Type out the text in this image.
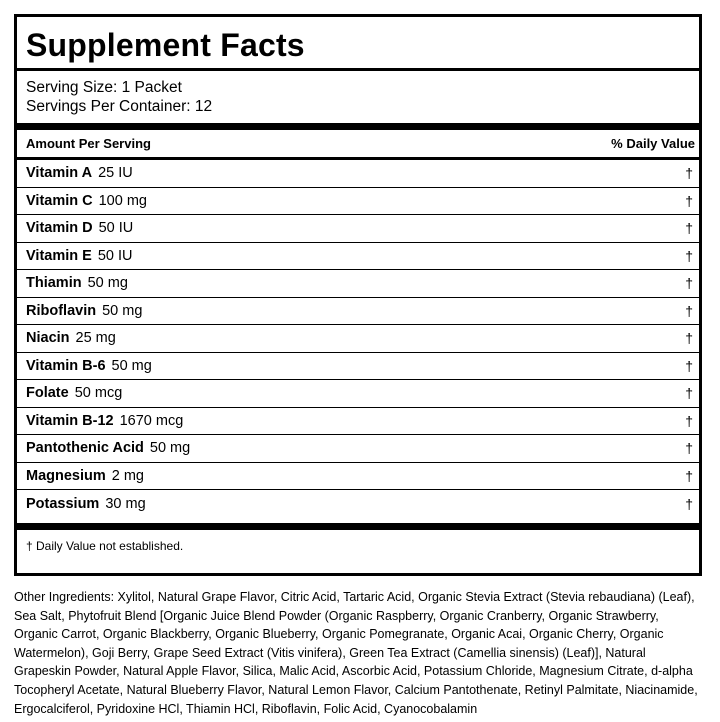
Supplement Facts
Serving Size: 1 Packet
Servings Per Container: 12
Amount Per Serving	% Daily Value
Vitamin A 25 IU	†
Vitamin C 100 mg	†
Vitamin D 50 IU	†
Vitamin E 50 IU	†
Thiamin 50 mg	†
Riboflavin 50 mg	†
Niacin 25 mg	†
Vitamin B-6 50 mg	†
Folate 50 mcg	†
Vitamin B-12 1670 mcg	†
Pantothenic Acid 50 mg	†
Magnesium 2 mg	†
Potassium 30 mg	†
† Daily Value not established.
Other Ingredients: Xylitol, Natural Grape Flavor, Citric Acid, Tartaric Acid, Organic Stevia Extract (Stevia rebaudiana) (Leaf), Sea Salt, Phytofruit Blend [Organic Juice Blend Powder (Organic Raspberry, Organic Cranberry, Organic Strawberry, Organic Carrot, Organic Blackberry, Organic Blueberry, Organic Pomegranate, Organic Acai, Organic Cherry, Organic Watermelon), Goji Berry, Grape Seed Extract (Vitis vinifera), Green Tea Extract (Camellia sinensis) (Leaf)], Natural Grapeskin Powder, Natural Apple Flavor, Silica, Malic Acid, Ascorbic Acid, Potassium Chloride, Magnesium Citrate, d-alpha Tocopheryl Acetate, Natural Blueberry Flavor, Natural Lemon Flavor, Calcium Pantothenate, Retinyl Palmitate, Niacinamide, Ergocalciferol, Pyridoxine HCl, Thiamin HCl, Riboflavin, Folic Acid, Cyanocobalamin
